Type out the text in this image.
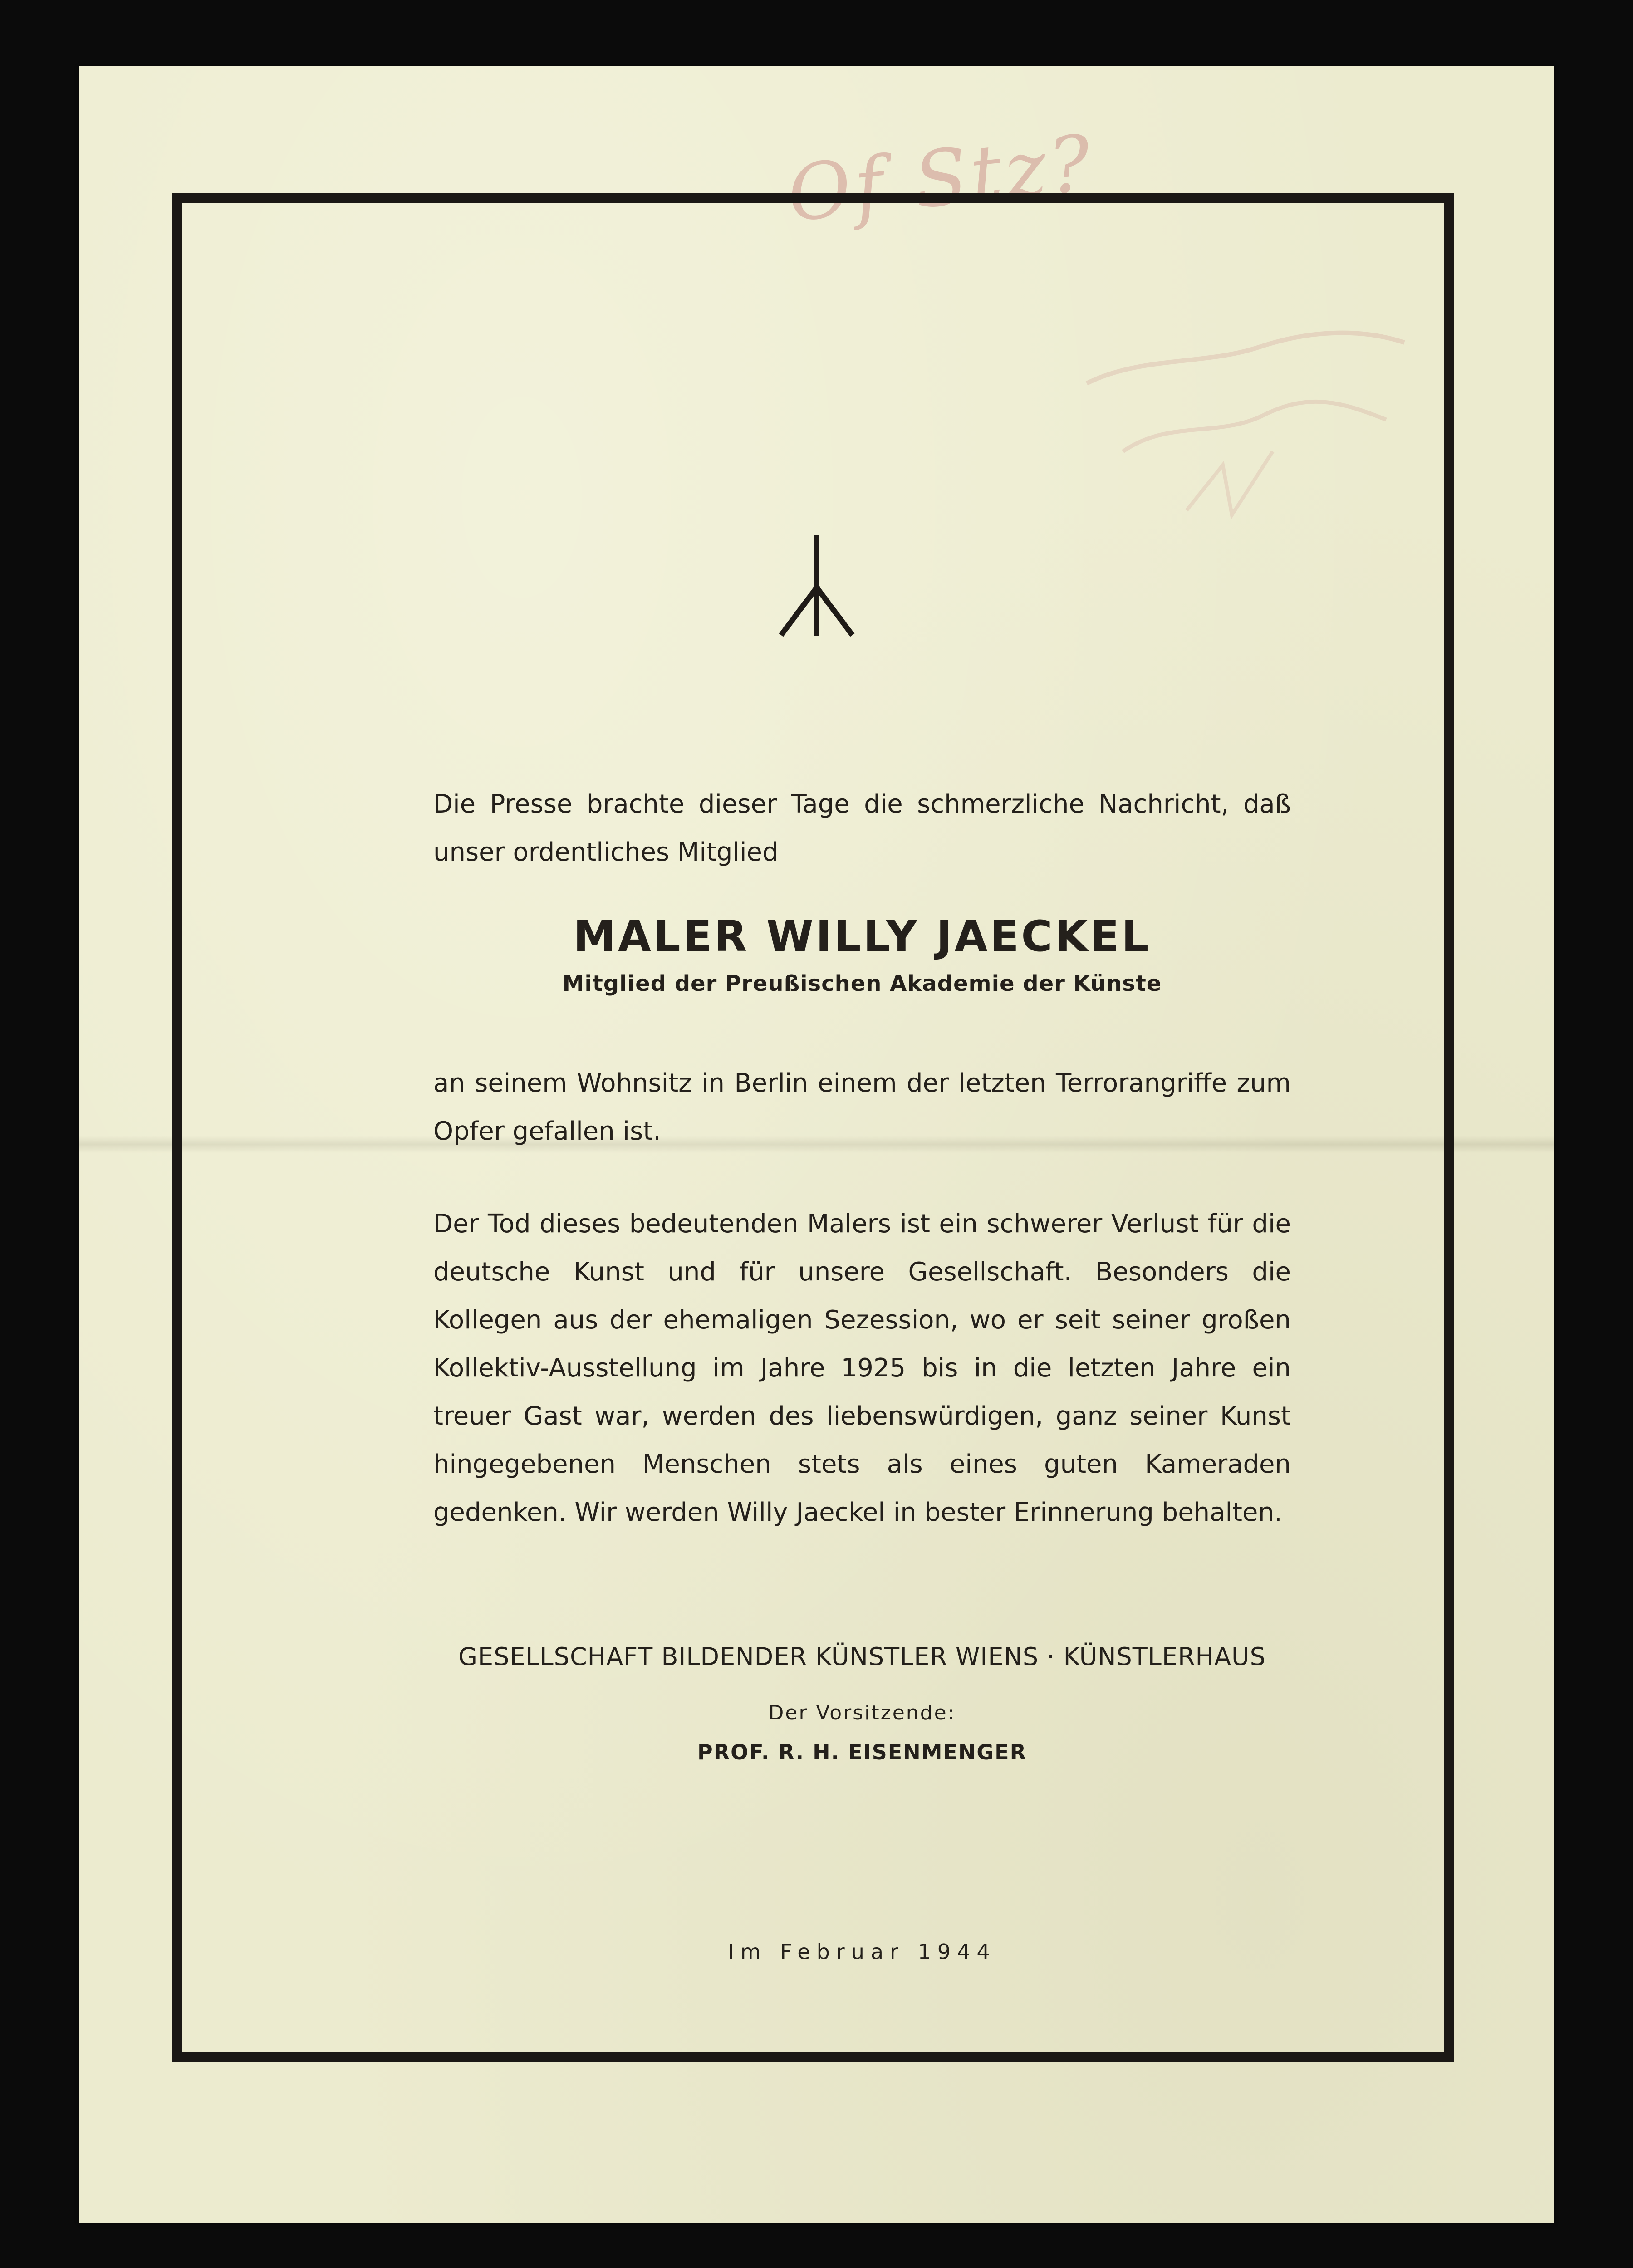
Of Stz?
Die Presse brachte dieser Tage die schmerzliche Nachricht, daß unser ordentliches Mitglied
MALER WILLY JAECKEL
Mitglied der Preußischen Akademie der Künste
an seinem Wohnsitz in Berlin einem der letzten Terrorangriffe zum Opfer gefallen ist.
Der Tod dieses bedeutenden Malers ist ein schwerer Verlust für die deutsche Kunst und für unsere Gesellschaft. Besonders die Kollegen aus der ehemaligen Sezession, wo er seit seiner großen Kollektiv-Ausstellung im Jahre 1925 bis in die letzten Jahre ein treuer Gast war, werden des liebenswürdigen, ganz seiner Kunst hingegebenen Menschen stets als eines guten Kameraden gedenken. Wir werden Willy Jaeckel in bester Erinnerung behalten.
GESELLSCHAFT BILDENDER KÜNSTLER WIENS · KÜNSTLERHAUS
Der Vorsitzende:
PROF. R. H. EISENMENGER
Im Februar 1944
